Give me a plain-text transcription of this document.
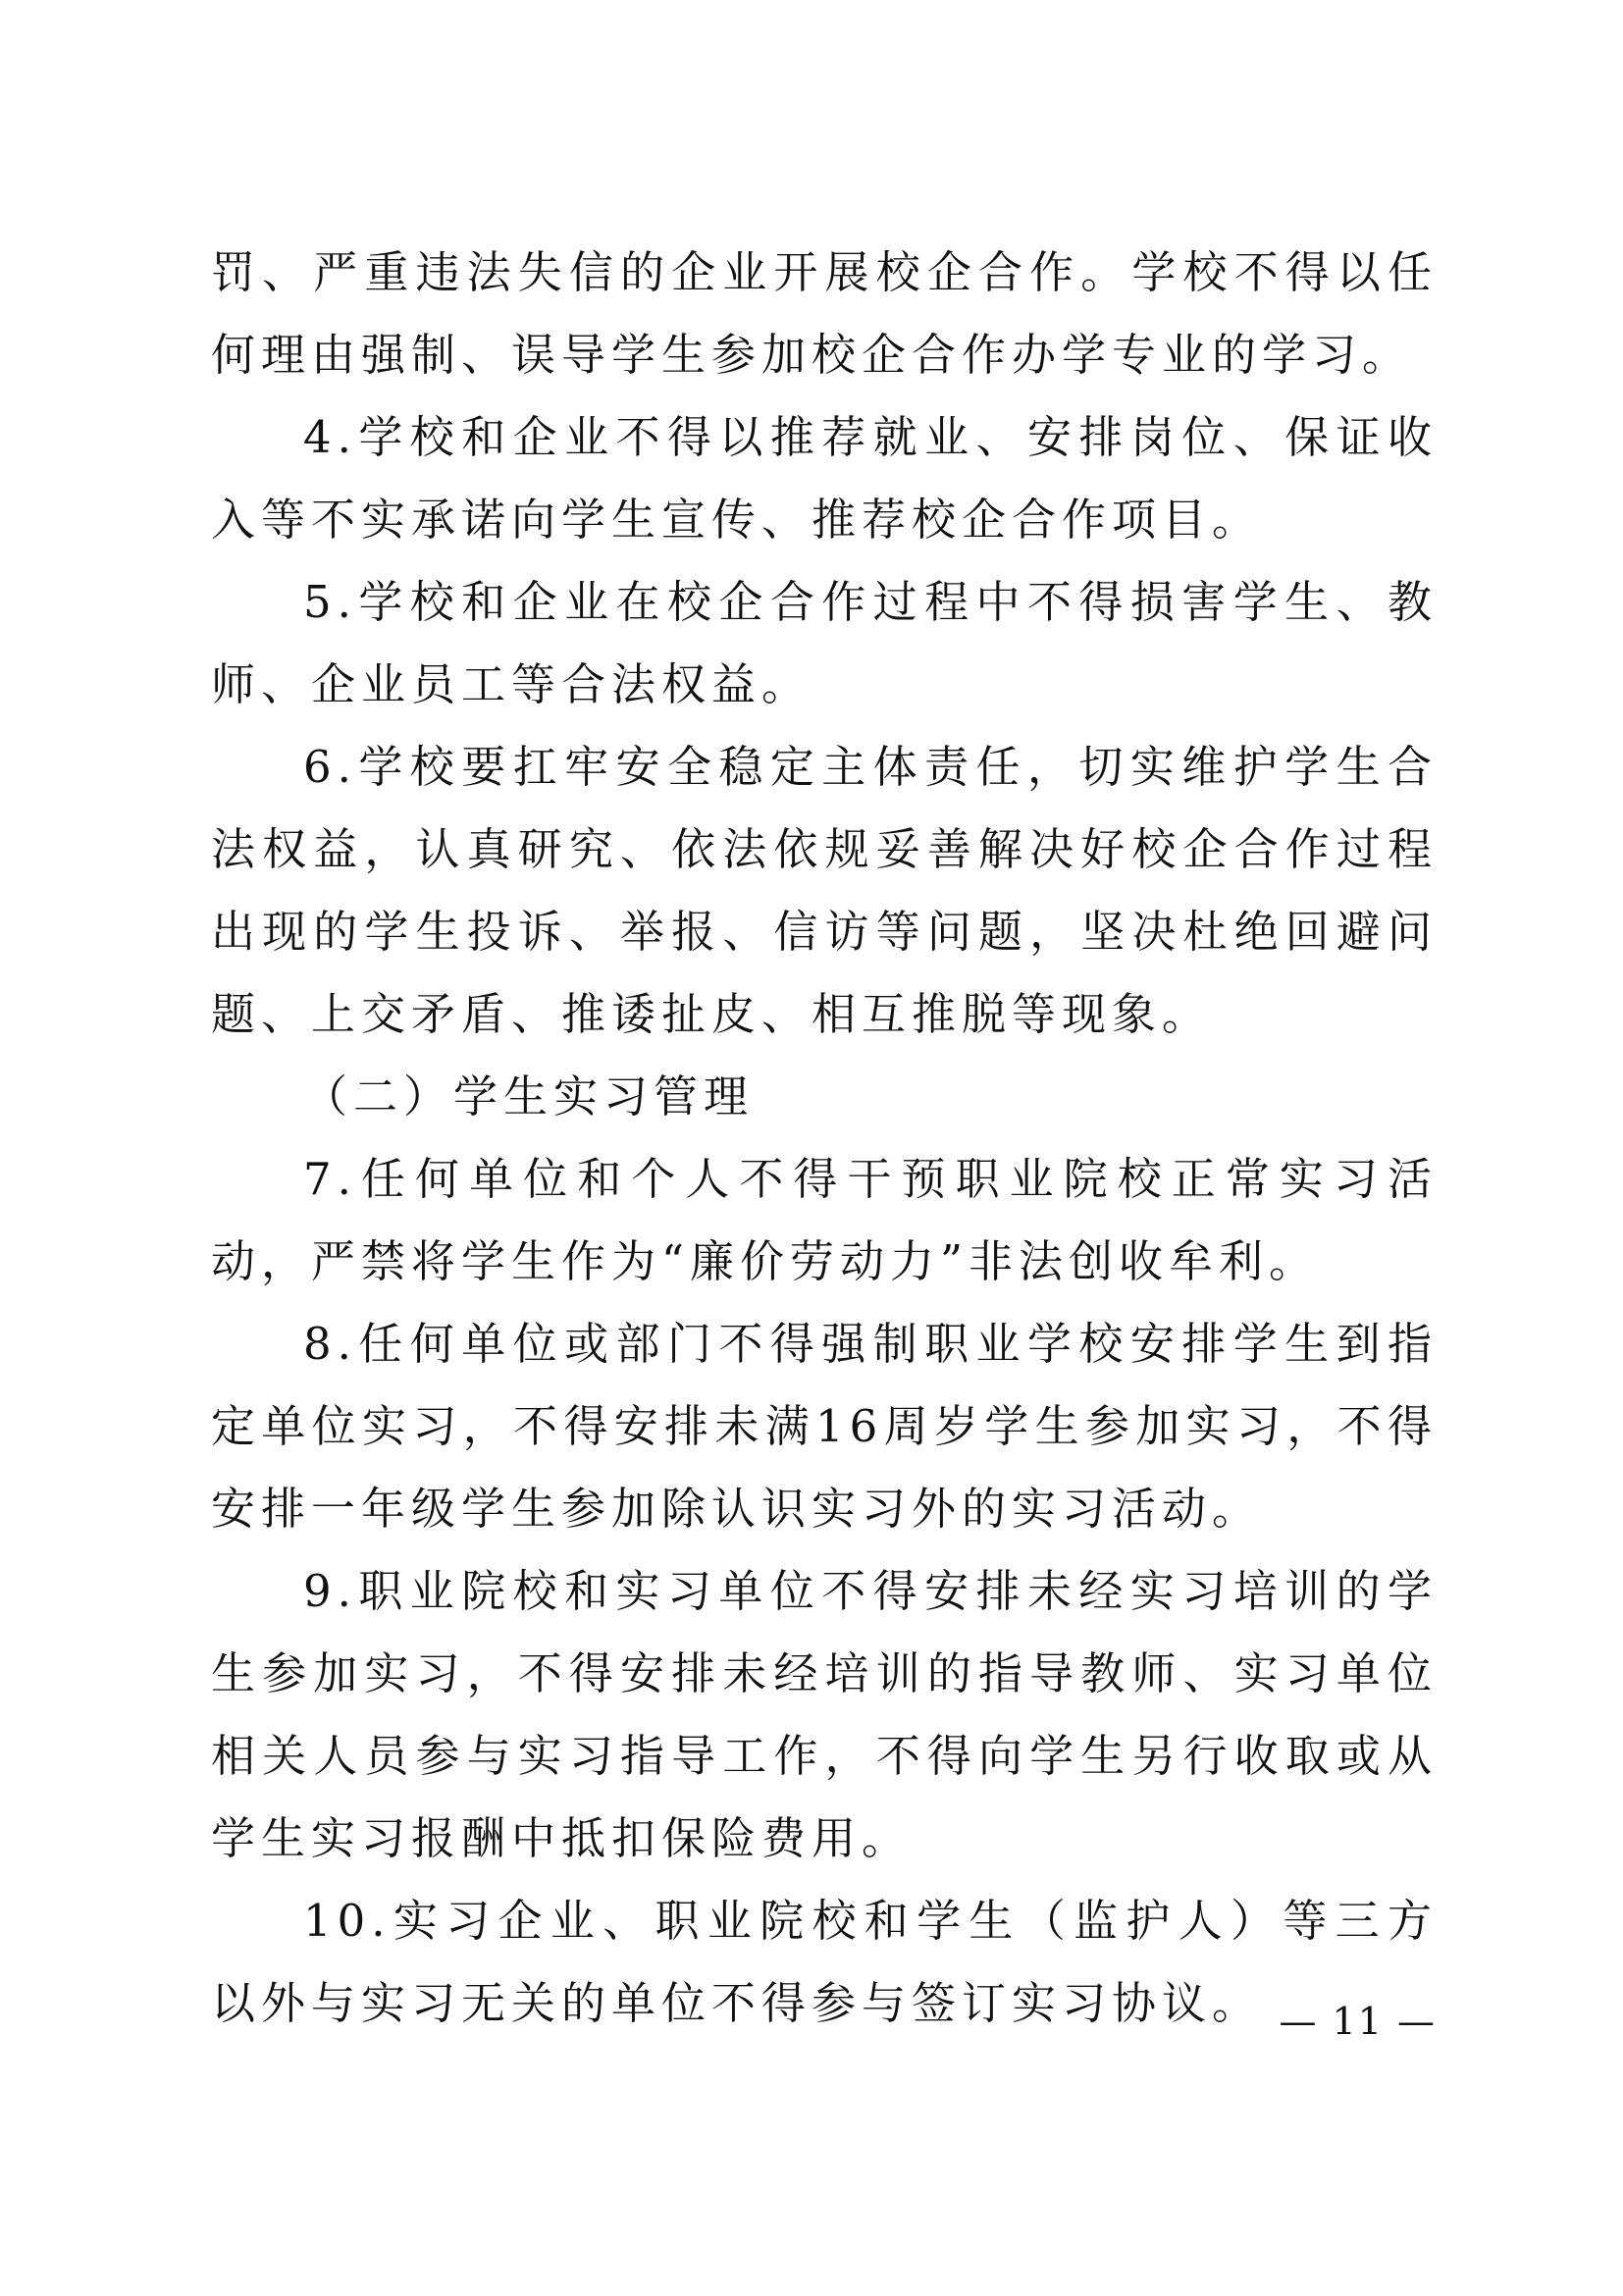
罚、严重违法失信的企业开展校企合作。学校不得以任何理由强制、误导学生参加校企合作办学专业的学习。

4.学校和企业不得以推荐就业、安排岗位、保证收入等不实承诺向学生宣传、推荐校企合作项目。

5.学校和企业在校企合作过程中不得损害学生、教师、企业员工等合法权益。

6.学校要扛牢安全稳定主体责任，切实维护学生合法权益，认真研究、依法依规妥善解决好校企合作过程出现的学生投诉、举报、信访等问题，坚决杜绝回避问题、上交矛盾、推诿扯皮、相互推脱等现象。

（二）学生实习管理

7.任何单位和个人不得干预职业院校正常实习活动，严禁将学生作为“廉价劳动力”非法创收牟利。

8.任何单位或部门不得强制职业学校安排学生到指定单位实习，不得安排未满16周岁学生参加实习，不得安排一年级学生参加除认识实习外的实习活动。

9.职业院校和实习单位不得安排未经实习培训的学生参加实习，不得安排未经培训的指导教师、实习单位相关人员参与实习指导工作，不得向学生另行收取或从学生实习报酬中抵扣保险费用。

10.实习企业、职业院校和学生（监护人）等三方以外与实习无关的单位不得参与签订实习协议。 — 11 —
